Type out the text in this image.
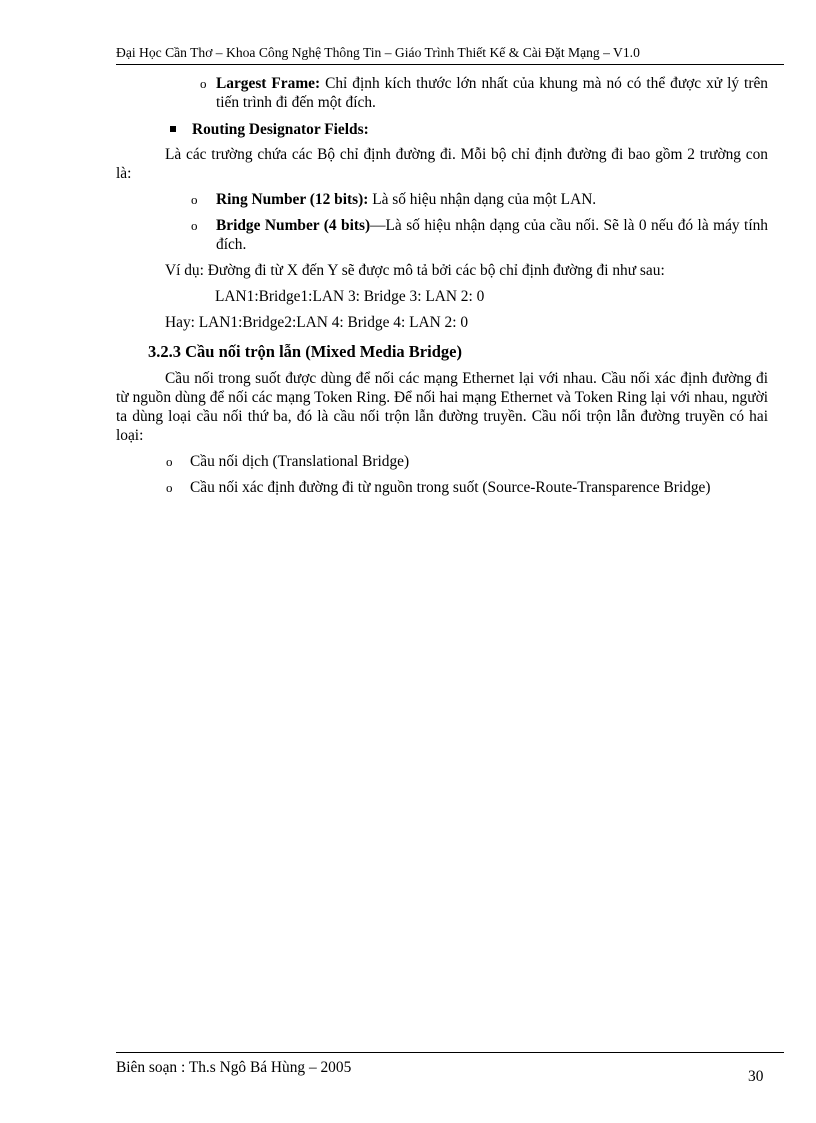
Đại Học Cần Thơ – Khoa Công Nghệ Thông Tin – Giáo Trình Thiết Kế & Cài Đặt Mạng – V1.0
o Largest Frame: Chỉ định kích thước lớn nhất của khung mà nó có thể được xử lý trên tiến trình đi đến một đích.
Routing Designator Fields:
Là các trường chứa các Bộ chỉ định đường đi. Mỗi bộ chỉ định đường đi bao gồm 2 trường con là:
o Ring Number (12 bits): Là số hiệu nhận dạng của một LAN.
o Bridge Number (4 bits)—Là số hiệu nhận dạng của cầu nối. Sẽ là 0 nếu đó là máy tính đích.
Ví dụ: Đường đi từ X đến Y sẽ được mô tả bởi các bộ chỉ định đường đi như sau:
LAN1:Bridge1:LAN 3: Bridge 3: LAN 2: 0
Hay: LAN1:Bridge2:LAN 4: Bridge 4: LAN 2: 0
3.2.3 Cầu nối trộn lẫn (Mixed Media Bridge)
Cầu nối trong suốt được dùng để nối các mạng Ethernet lại với nhau. Cầu nối xác định đường đi từ nguồn dùng để nối các mạng Token Ring. Để nối hai mạng Ethernet và Token Ring lại với nhau, người ta dùng loại cầu nối thứ ba, đó là cầu nối trộn lẫn đường truyền. Cầu nối trộn lẫn đường truyền có hai loại:
o Cầu nối dịch (Translational Bridge)
o Cầu nối xác định đường đi từ nguồn trong suốt (Source-Route-Transparence Bridge)
Biên soạn : Th.s Ngô Bá Hùng – 2005
30
